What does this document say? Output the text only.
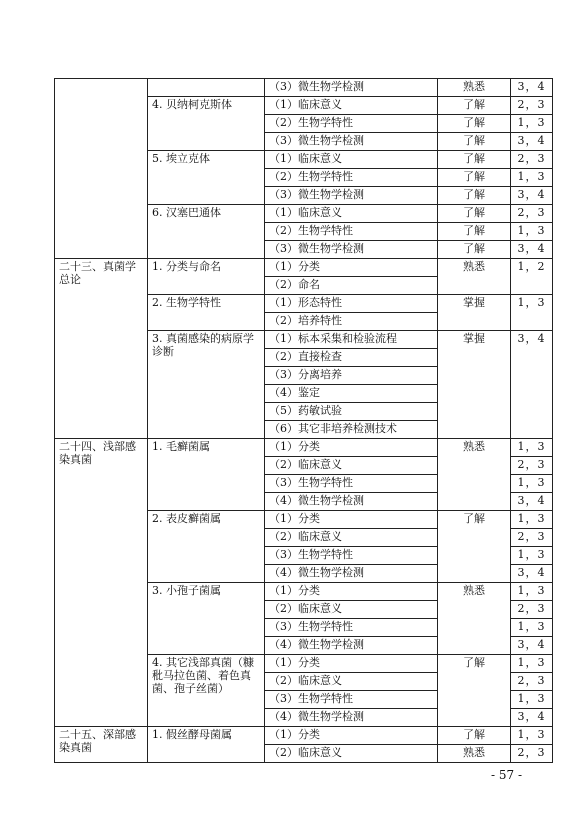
		（3）微生物学检测	熟悉	3，4
	4. 贝纳柯克斯体	（1）临床意义	了解	2，3
		（2）生物学特性	了解	1，3
		（3）微生物学检测	了解	3，4
	5. 埃立克体	（1）临床意义	了解	2，3
		（2）生物学特性	了解	1，3
		（3）微生物学检测	了解	3，4
	6. 汉塞巴通体	（1）临床意义	了解	2，3
		（2）生物学特性	了解	1，3
		（3）微生物学检测	了解	3，4
二十三、真菌学总论	1. 分类与命名	（1）分类	熟悉	1，2
		（2）命名		
	2. 生物学特性	（1）形态特性	掌握	1，3
		（2）培养特性		
	3. 真菌感染的病原学诊断	（1）标本采集和检验流程	掌握	3，4
		（2）直接检查		
		（3）分离培养		
		（4）鉴定		
		（5）药敏试验		
		（6）其它非培养检测技术		
二十四、浅部感染真菌	1. 毛癣菌属	（1）分类	熟悉	1，3
		（2）临床意义		2，3
		（3）生物学特性		1，3
		（4）微生物学检测		3，4
	2. 表皮癣菌属	（1）分类	了解	1，3
		（2）临床意义		2，3
		（3）生物学特性		1，3
		（4）微生物学检测		3，4
	3. 小孢子菌属	（1）分类	熟悉	1，3
		（2）临床意义		2，3
		（3）生物学特性		1，3
		（4）微生物学检测		3，4
	4. 其它浅部真菌（糠秕马拉色菌、着色真菌、孢子丝菌）	（1）分类	了解	1，3
		（2）临床意义		2，3
		（3）生物学特性		1，3
		（4）微生物学检测		3，4
二十五、深部感染真菌	1. 假丝酵母菌属	（1）分类	了解	1，3
		（2）临床意义	熟悉	2，3
- 57 -
